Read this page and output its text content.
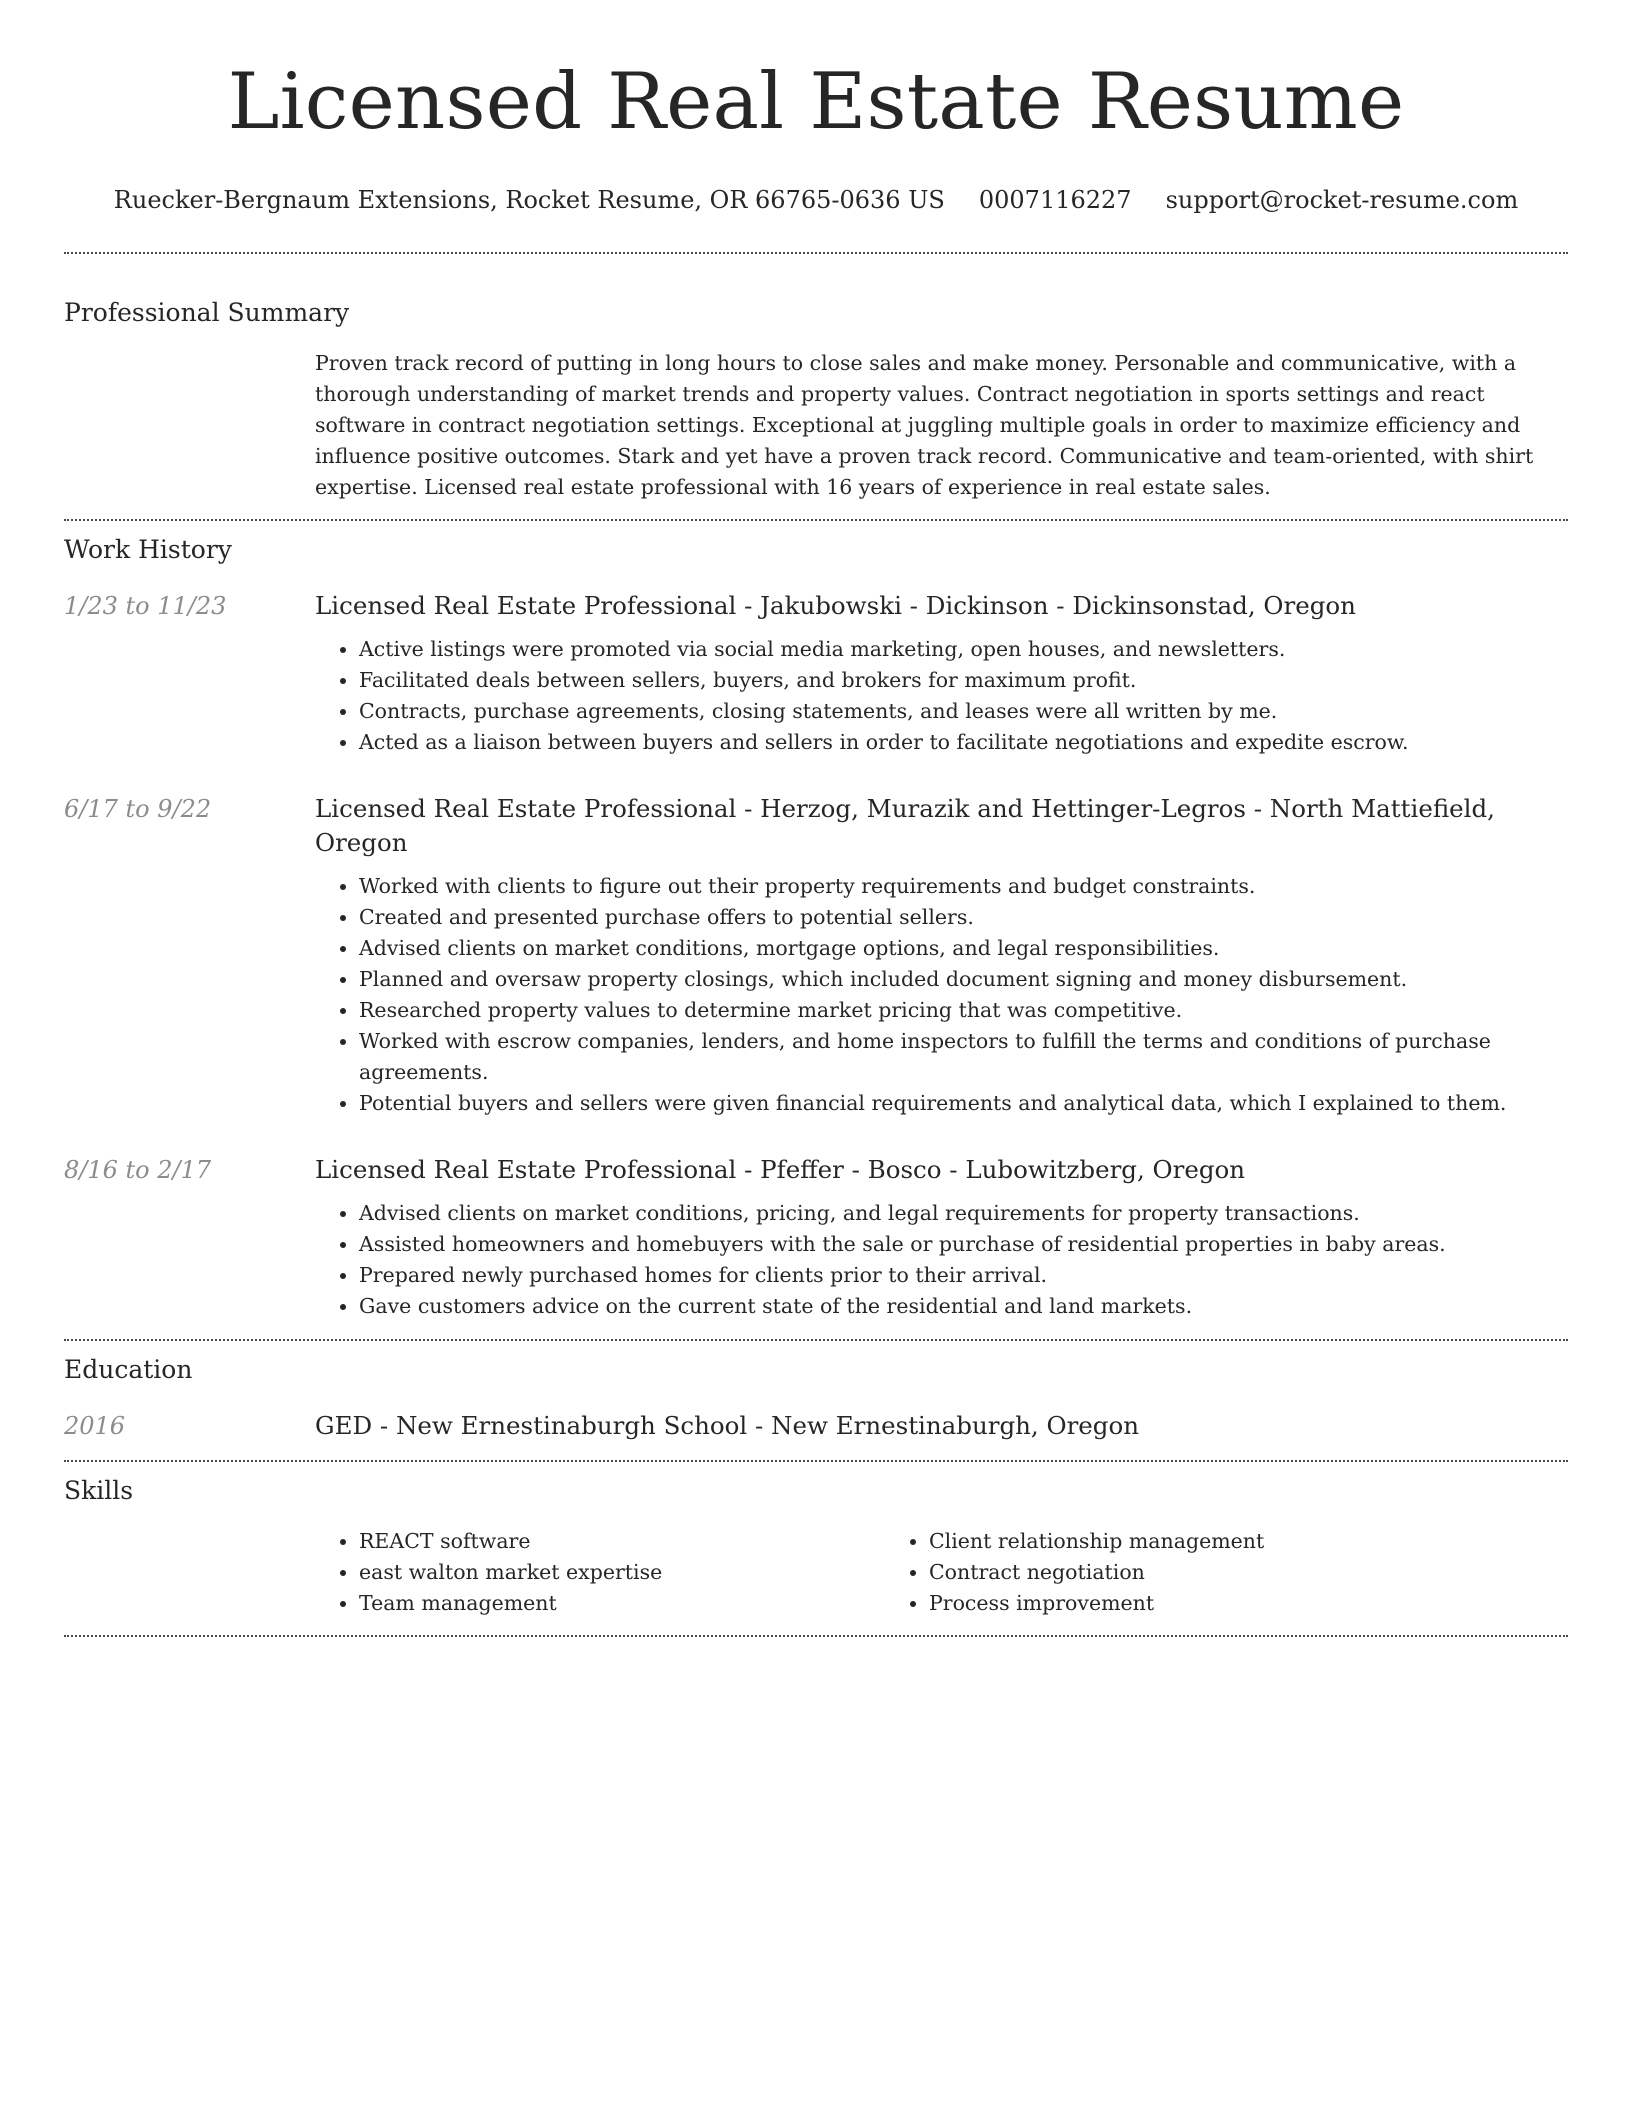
Licensed Real Estate Resume
Ruecker-Bergnaum Extensions, Rocket Resume, OR 66765-0636 US 0007116227 support@rocket-resume.com
Professional Summary

Proven track record of putting in long hours to close sales and make money. Personable and communicative, with a thorough understanding of market trends and property values. Contract negotiation in sports settings and react software in contract negotiation settings. Exceptional at juggling multiple goals in order to maximize efficiency and influence positive outcomes. Stark and yet have a proven track record. Communicative and team-oriented, with shirt expertise. Licensed real estate professional with 16 years of experience in real estate sales.

Work History
1/23 to 11/23	Licensed Real Estate Professional - Jakubowski - Dickinson - Dickinsonstad, Oregon
• Active listings were promoted via social media marketing, open houses, and newsletters.
• Facilitated deals between sellers, buyers, and brokers for maximum profit.
• Contracts, purchase agreements, closing statements, and leases were all written by me.
• Acted as a liaison between buyers and sellers in order to facilitate negotiations and expedite escrow.
6/17 to 9/22	Licensed Real Estate Professional - Herzog, Murazik and Hettinger-Legros - North Mattiefield, Oregon
• Worked with clients to figure out their property requirements and budget constraints.
• Created and presented purchase offers to potential sellers.
• Advised clients on market conditions, mortgage options, and legal responsibilities.
• Planned and oversaw property closings, which included document signing and money disbursement.
• Researched property values to determine market pricing that was competitive.
• Worked with escrow companies, lenders, and home inspectors to fulfill the terms and conditions of purchase agreements.
• Potential buyers and sellers were given financial requirements and analytical data, which I explained to them.
8/16 to 2/17	Licensed Real Estate Professional - Pfeffer - Bosco - Lubowitzberg, Oregon
• Advised clients on market conditions, pricing, and legal requirements for property transactions.
• Assisted homeowners and homebuyers with the sale or purchase of residential properties in baby areas.
• Prepared newly purchased homes for clients prior to their arrival.
• Gave customers advice on the current state of the residential and land markets.
Education
2016	GED - New Ernestinaburgh School - New Ernestinaburgh, Oregon
Skills
• REACT software
• east walton market expertise
• Team management
• Client relationship management
• Contract negotiation
• Process improvement
